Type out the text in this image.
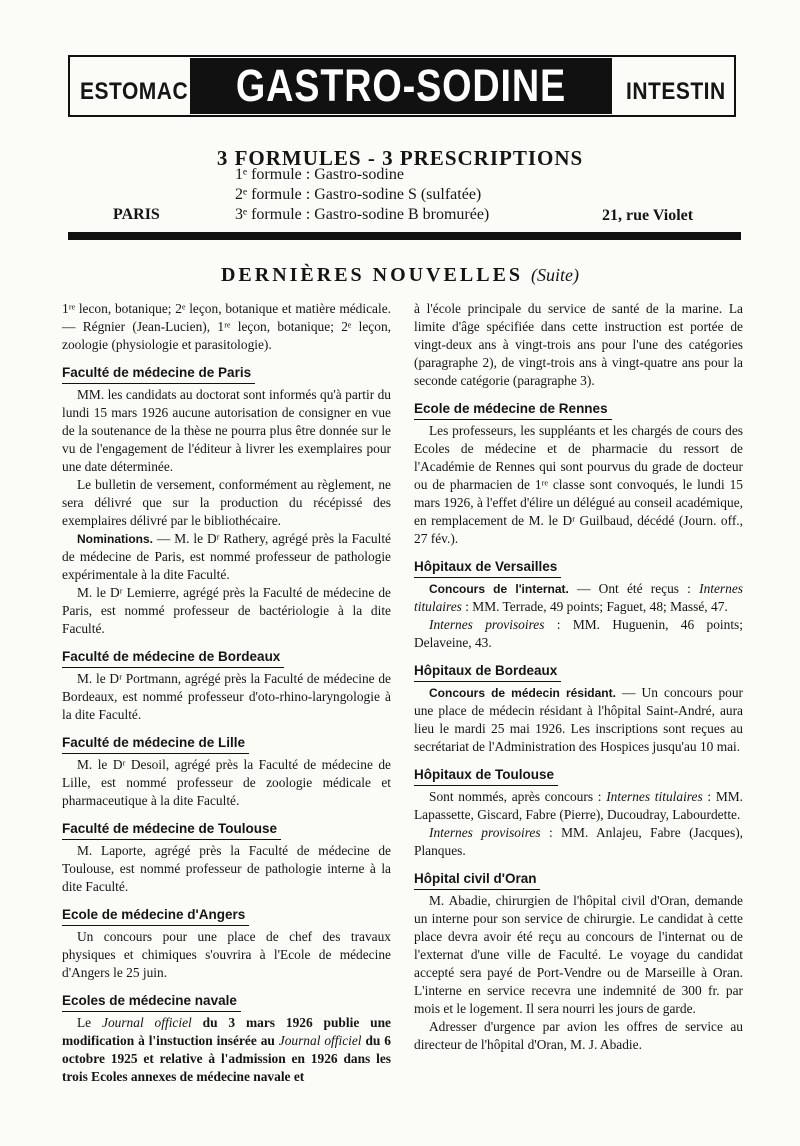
ESTOMAC GASTRO-SODINE	INTESTIN
3 FORMULES - 3 PRESCRIPTIONS
1ᵉ formule : Gastro-sodine
2ᵉ formule : Gastro-sodine S (sulfatée)
3ᵉ formule : Gastro-sodine B bromurée)
PARIS	21, rue Violet
DERNIÈRES NOUVELLES (Suite)

1ʳᵉ lecon, botanique; 2ᵉ leçon, botanique et matière médicale. — Régnier (Jean-Lucien), 1ʳᵉ leçon, botanique; 2ᵉ leçon, zoologie (physiologie et parasitologie).

Faculté de médecine de Paris

MM. les candidats au doctorat sont informés qu'à partir du lundi 15 mars 1926 aucune autorisation de consigner en vue de la soutenance de la thèse ne pourra plus être donnée sur le vu de l'engagement de l'éditeur à livrer les exemplaires pour une date déterminée.

Le bulletin de versement, conformément au règlement, ne sera délivré que sur la production du récépissé des exemplaires délivré par le bibliothécaire.

Nominations. — M. le Dʳ Rathery, agrégé près la Faculté de médecine de Paris, est nommé professeur de pathologie expérimentale à la dite Faculté.

M. le Dʳ Lemierre, agrégé près la Faculté de médecine de Paris, est nommé professeur de bactériologie à la dite Faculté.

Faculté de médecine de Bordeaux

M. le Dʳ Portmann, agrégé près la Faculté de médecine de Bordeaux, est nommé professeur d'oto-rhino-laryngologie à la dite Faculté.

Faculté de médecine de Lille

M. le Dʳ Desoil, agrégé près la Faculté de médecine de Lille, est nommé professeur de zoologie médicale et pharmaceutique à la dite Faculté.

Faculté de médecine de Toulouse

M. Laporte, agrégé près la Faculté de médecine de Toulouse, est nommé professeur de pathologie interne à la dite Faculté.

Ecole de médecine d'Angers

Un concours pour une place de chef des travaux physiques et chimiques s'ouvrira à l'Ecole de médecine d'Angers le 25 juin.

Ecoles de médecine navale

Le Journal officiel du 3 mars 1926 publie une modification à l'instuction insérée au Journal officiel du 6 octobre 1925 et relative à l'admission en 1926 dans les trois Ecoles annexes de médecine navale et

à l'école principale du service de santé de la marine. La limite d'âge spécifiée dans cette instruction est portée de vingt-deux ans à vingt-trois ans pour l'une des catégories (paragraphe 2), de vingt-trois ans à vingt-quatre ans pour la seconde catégorie (paragraphe 3).

Ecole de médecine de Rennes

Les professeurs, les suppléants et les chargés de cours des Ecoles de médecine et de pharmacie du ressort de l'Académie de Rennes qui sont pourvus du grade de docteur ou de pharmacien de 1ʳᵉ classe sont convoqués, le lundi 15 mars 1926, à l'effet d'élire un délégué au conseil académique, en remplacement de M. le Dʳ Guilbaud, décédé (Journ. off., 27 fév.).

Hôpitaux de Versailles

Concours de l'internat. — Ont été reçus : Internes titulaires : MM. Terrade, 49 points; Faguet, 48; Massé, 47.

Internes provisoires : MM. Huguenin, 46 points; Delaveine, 43.

Hôpitaux de Bordeaux

Concours de médecin résidant. — Un concours pour une place de médecin résidant à l'hôpital Saint-André, aura lieu le mardi 25 mai 1926. Les inscriptions sont reçues au secrétariat de l'Administration des Hospices jusqu'au 10 mai.

Hôpitaux de Toulouse

Sont nommés, après concours : Internes titulaires : MM. Lapassette, Giscard, Fabre (Pierre), Ducoudray, Labourdette.

Internes provisoires : MM. Anlajeu, Fabre (Jacques), Planques.

Hôpital civil d'Oran

M. Abadie, chirurgien de l'hôpital civil d'Oran, demande un interne pour son service de chirurgie. Le candidat à cette place devra avoir été reçu au concours de l'internat ou de l'externat d'une ville de Faculté. Le voyage du candidat accepté sera payé de Port-Vendre ou de Marseille à Oran. L'interne en service recevra une indemnité de 300 fr. par mois et le logement. Il sera nourri les jours de garde.

Adresser d'urgence par avion les offres de service au directeur de l'hôpital d'Oran, M. J. Abadie.
